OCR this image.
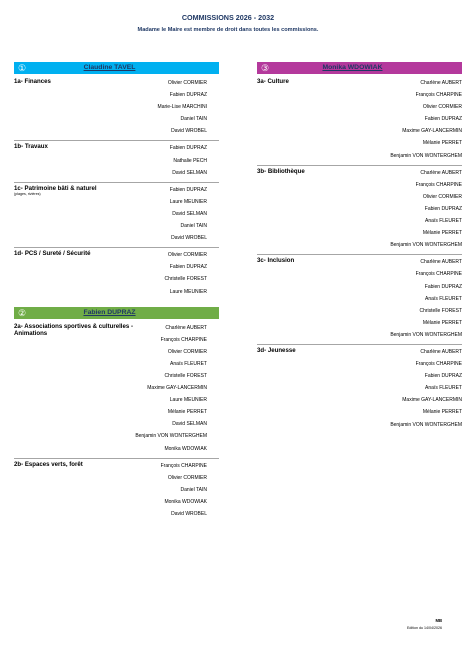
COMMISSIONS 2026 - 2032
Madame le Maire est membre de droit dans toutes les commissions.
①	Claudine TAVEL
1a- Finances	Olivier CORMIER
Fabien DUPRAZ
Marie-Lise MARCHINI
Daniel TAIN
David WROBEL
1b- Travaux	Fabien DUPRAZ
Nathalie PECH
David SELMAN
1c- Patrimoine bâti & naturel
(plages, rivières)
Fabien DUPRAZ
Laure MEUNIER
David SELMAN
Daniel TAIN
David WROBEL
1d- PCS / Sureté / Sécurité	Olivier CORMIER
Fabien DUPRAZ
Christelle FOREST
Laure MEUNIER
②	Fabien DUPRAZ
2a- Associations sportives & culturelles - Animations
Charlène AUBERT
François CHARPINE
Olivier CORMIER
Anaïs FLEURET
Christelle FOREST
Maxime GAY-LANCERMIN
Laure MEUNIER
Mélanie PERRET
David SELMAN
Benjamin VON WONTERGHEM
Monika WDOWIAK
2b- Espaces verts, forêt	François CHARPINE
Olivier CORMIER
Daniel TAIN
Monika WDOWIAK
David WROBEL
③	Monika WDOWIAK
3a- Culture	Charlène AUBERT
François CHARPINE
Olivier CORMIER
Fabien DUPRAZ
Maxime GAY-LANCERMIN
Mélanie PERRET
Benjamin VON WONTERGHEM
3b- Bibliothèque	Charlène AUBERT
François CHARPINE
Olivier CORMIER
Fabien DUPRAZ
Anaïs FLEURET
Mélanie PERRET
Benjamin VON WONTERGHEM
3c- Inclusion	Charlène AUBERT
François CHARPINE
Fabien DUPRAZ
Anaïs FLEURET
Christelle FOREST
Mélanie PERRET
Benjamin VON WONTERGHEM
3d- Jeunesse	Charlène AUBERT
François CHARPINE
Fabien DUPRAZ
Anaïs FLEURET
Maxime GAY-LANCERMIN
Mélanie PERRET
Benjamin VON WONTERGHEM
MB
Edition du 14/04/2026
